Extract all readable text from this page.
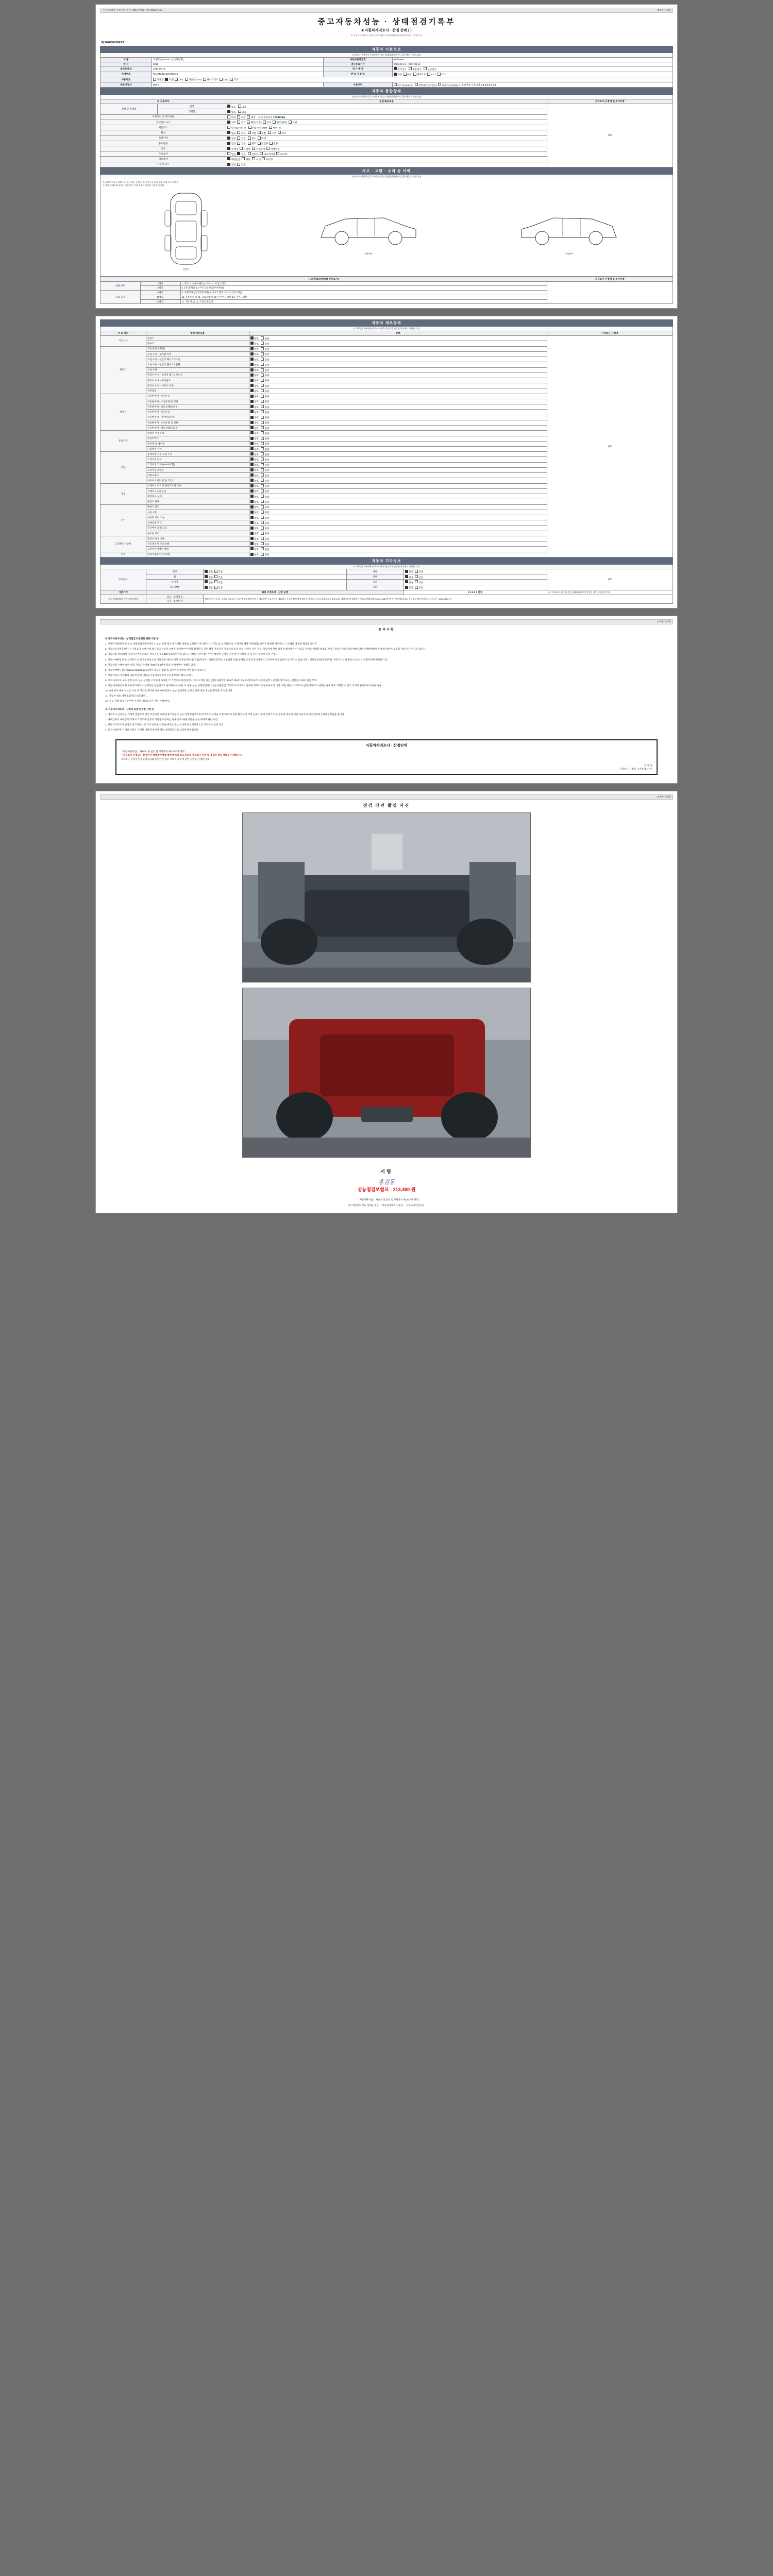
자동차관리법 시행규칙 [별지 제82호서식] <개정 2021.7.13.>	(3쪽중 제1쪽)
중고자동차성능 · 상태점검기록부
■ 자동차가격조사 · 산정 선택 ( )
※ 자동차가격조사·산정 선택시에만 자동차가격조사·산정액 란을 기재합니다.
제 20260003963호
자동차 기본정보
(가격조사·산정자가 중고자동차 성능·상태점검자가 아닌 경우에는 기재합니다)
차 명	쏘렌토(SORENTO) (4차년형)	자동차등록번호	92부5395
연 식	2018	검사유효기간	2025-09-13 ~ 2027-09-12
최초등록일	2017-09-13	검 사 종 류	정기검사 종합검사 신규검사
차대번호	KNAMC81ABJA007110	변 속 기 종 류	자동 수동 세미오토 CVT 기타
사용연료	가솔린 디젤 LPG 가솔린+LPG 하이브리드 CNG 기타		
원동기형식	D4FD	사용이력	렌트(있음/없음) 영업용(있음/없음) 관용(있음/없음)  |  주행거리 기준이격 0 0 0 0 0 0 0 0
자동차 종합상태
(가격조사·산정자가 중고자동차 성능·상태점검자가 아닌 경우에는 기재합니다)
※ 사용여부		점검내용/내용	가격조사·산정액 및 특기사항
전장 및 적재함	전장	없음 있음	양호
	적재함	없음 있음	
주행거리 및 계기상태		변경 교환 불량 현재 주행거리 179,361km	
차대번호 표기		양호 부식 훼손(오손) 상이 변조(변타) 도말	
배출가스		일산화탄소  %   탄화수소  ppm   매연  %	
튜닝		없음 있음 적법 불법 구조 장치	
특별이력		없음 있음 침수 화재	
용도변경		없음 있음 렌트 영업용 관용	
색상		무채색 유채색 전체도색 색상변경	
주요옵션		없음 있음 선루프 내비게이션 에어백	
리콜대상		해당없음 해당 이행 미이행	
자동차 표시		없음 있음	
사고 · 교환 · 수리 등 이력
(가격조사·산정자가 중고자동차 성능·상태점검자가 아닌 경우에는 기재합니다)
※ (사고 이력) 1. 교환 ○ 2. 판금 또는 용접 △ 3. 부식 X 4. 흠집 W 5. 요철 T 6. 손상 C
※ 하단 당해부위 승용차 기준이며, 기타 차종의 승용차 기준을 준용함
상면부
좌측면부	우측면부
사고이력(외판/패널 부위표시)			가격조사·산정액 및 특기사항
외판 부위	1랭크	1. 후드 2. 프론트펜더 3. 도어 4. 트렁크리드	
	2랭크	5. (쿼터)패널 6.(사이드)실패널(루프패널)	
주요 골격	A랭크	8. 프론트패널(라디에이터) 9. 크로스멤버 10. 인사이드패널	
	B랭크	11. 프론트패널 12. 크로스멤버 13. 인사이드패널 14. 사이드멤버	
	C랭크	17. 리어패널 18. 트렁크플로어	
자동차 세부상태
(※ 항목별·세부사항 및 특기사항을 점검자가 점검한 경우에는 기재합니다)
주 요 장치	항목/세부내용	상태	가격조사·산정액
자기진단	원동기	양호 불량	양호
	변속기	양호 불량	
원동기	작동상태(공회전)	양호 불량	
	오일 누유 - 로커암 커버	양호 불량	
	오일 누유 - 실린더 헤드 / 개스킷	양호 불량	
	오일 누유 - 실린더 블록 / 오일팬	양호 불량	
	오일 유량	양호 불량	
	냉각수 누수 - 실린더 헤드 / 개스킷	양호 불량	
	냉각수 누수 - 워터펌프	양호 불량	
	냉각수 누수 - 냉각수 수량	양호 불량	
	커먼레일	양호 불량	
변속기	자동변속기 - 오일누유	양호 불량	
	자동변속기 - 오일유량 및 상태	양호 불량	
	자동변속기 - 작동상태(공회전)	양호 불량	
	수동변속기 - 오일누유	양호 불량	
	수동변속기 - 기어변속장치	양호 불량	
	수동변속기 - 오일유량 및 상태	양호 불량	
	수동변속기 - 작동상태(공회전)	양호 불량	
동력전달	클러치 어셈블리	양호 불량	
	등속조인트	양호 불량	
	추진축 및 베어링	양호 불량	
	디퍼렌셜 기어	양호 불량	
조향	동력조향 작동 오일 누유	양호 불량	
	스티어링 펌프	양호 불량	
	스티어링 기어(MDPS포함)	양호 불량	
	스티어링 조인트	양호 불량	
	파워크랭크	양호 불량	
	타이로드엔드 및 볼 조인트	양호 불량	
제동	브레이크 마스터 실린더오일 누유	양호 불량	
	브레이크오일 누유	양호 불량	
	배력장치 상태	양호 불량	
	빨간기 분해	양호 불량	
전기	발전기 출력	양호 불량	
	시동 모터	양호 불량	
	와이퍼 모터 기능	양호 불량	
	실내송풍 모터	양호 불량	
	라디에이터 팬 모터	양호 불량	
	윈도우 모터	양호 불량	
고전원전기장치	충전구 절연 상태	양호 불량	
	구동축전지 격리 상태	양호 불량	
	고전원전기배선 상태	양호 불량	
연료	연료누출(LP가스포함)	양호 불량	
자동차 기타정보
(※ 항목별·세부사항 및 특기사항을 점검자가 점검한 경우에는 기재합니다)
수리필요	외장	없음 있음	내장	없음 있음	양호
	휠	없음 있음	광택	없음 있음	
	타이어	없음 있음	유리	없음 있음	
	보유상태	없음 있음	기타	없음 있음	
기준가격	최종 가격조사 · 산정 금액			0 0 0 0 0 만원	※ 가격조사·산정자와 성능상태점검자가 동일인인 경우 동일하게 기재
성능·상태점검자 가격·조사산정자	성능 · 상태점검	헤인즈케어서비스, 드림화재보상사, 비공개 정보 열람이력 등 제공관련 중고자동차 제휴회사 중고차 확인내역 없다는 보험금 지급이 보증하고 유효합니다. 계약조항에 설계하지 서비스방법(전화 3000-1068/전자우편·우편/메일하다), 신규보험 테이터베이스 등록 (단 : 1533-2720) ※			
	가격 · 조사산정				
(3쪽중 제2쪽)
유의사항

※ 중고자동차성능 · 상태점검과 관련된 관한 사항 등

1. 기재된 해당항목의 성능·상태점검기록부에서는 성능·상태 체크에 기재한 내용을 교차하기 아니하거나 거짓으로 교지할(오표시 제시된 해당 이해상충) 경우가 발생한 경우에는 그 손해를 배상할 책임을 집니다.

2. 자동차등록번호판이가 기재 중고 소매거래 실시 중고자동차 소매물 확인하여 이에의 설명하기 것은 해당 자동차가 자동차의 실제 성능·상태가 다른 경우, 자동차에 관한 내용을 해시하지 아니하고 손해를 배상할 책임을 지며, 자동차가격조사(산정)에 의한 손해배상책임이 법령 때문에 보험의 이와 같은 연금을 합니다.

3. 자동차의 성능/상태 점검기간에 1년 또는 성능기록이 1,000 킬로미터이하 합니다. (성능기간이 1년 미만) 해당한 근정할 경우에 이 이내에 그 중 판단 등에서 인증 주행 ...

4. 자동차매매업자 중 고지되기 산정 소유대상으로 거래부분 매수인에게 고지됨 때 헌법 지침(자동차 · 상태점검자의 보증범위 포함)문제와 고시된 중고차에서 고지하여야 호입니다 요구도 수 있습니다. · 상태점검자(보험평가) 가격조사·산정 확인서 교부 시 보험자에게 배상하기 등...

5. 자동차의 손해에 대한 내용 자동차관리법 제58조제4항에 따라 손해배상이 정해진 금액...

6. 자동차매매사업조합(www.car365.go.kr)에서 내용을 열람 및 검사이력 확인를 확인할 수 있습니다.

7. 자동차성능·상태점검 내용에 관한 내용을 자동차등록원부 주요정보로써 확인 요청...

8. 중고자동차의 구조·장치 등의 성능·상태를 고지하지 아니한 거 거짓으로 점검하거나 거짓 고지한 자는 (자동차관리법 제80조 제8조 등) 제1항에 따라 자동차 관리 1년이하 징역 또는 1천만원 이하의 벌금 부과

9. 성능·상태점검자와 자동차가격조사·산정자를 동일인으로 일치하여야 하며, 이 경우 성능·상태점검자와 성능상태점검 기록부가 가격조사 산정자 기재와 동일하여야 합니다. 다만 자동차가격조사·산정 의뢰자가 선택한 경우 별도 기재할 수 있고 가격이 일치하지 아니한 경우...

10. 매수인이 매매 신고를 시간 후 이의를 제기한 경우 매매업자는 성능 점검자와 산정 금액에 대한 정보를 확인할 수 있습니다.

11. 자동차 성능·상태점검자의 보증범위 ...

12. 성능·상태 점검기록부에 기재된 내용과 다른 경우 손해배상...

※ 자동차가격조사 · 산정의 보증에 관한 사항 등

1. 가격조사·산정자는 이래의 방법으로 점검 보증기간 이내에 중고자동차 성능·상태점검기록부(가격조사·산정을 포함)에 따라 검증 확인하여 기재 실제 차량의 상태가 다른 경우에 대하여 해당 자동차의 매수인에게 손해배상책임을 집니다.

2. 매매업자가 매수인이 거래시 가격조사·산정의 이행을 보증하는 경우 등록 내용 이행을 성능 내역에 관한 사항...

3. 자동차가격조사·산정은 중고자동차의 가격 산정을 의뢰한 매수인 또는 소비자의 선택사항으로 가격조사·산정 의뢰...

4. 특기사항란에 기재된 사항은 기재된 내용에 한하여 성능·상태점검자의 보증에 해당합니다.

자동차가격조사 · 산정인에
「자동차관리법」 제58조 및 같은 법 시행규칙 제120조에 따라
「가격조사·산정인」 산정가가 매매계약체결 내역에 따라 중고자동차 가격조사·산정 및 점검의 성능·상태를 기재합니다.
가격조사·산정자가 성능점검자와 동일인이 경우 서비스 제공에 관한 사항을 기재합니다.
년 월 일
가격조사·산정자 : (서명 또는 인)
(3쪽중 제3쪽)
점검 장면 촬영 사진
서명
홍길동
성능점검보험료 : 213,400 원
「 「자동차관리법」 제58조 및 같은 법 시행규칙 제120조에 따라
중고자동차의 성능·상태를 점검, 「자동차가격조사·산정 」 사항을 확인합니다.
